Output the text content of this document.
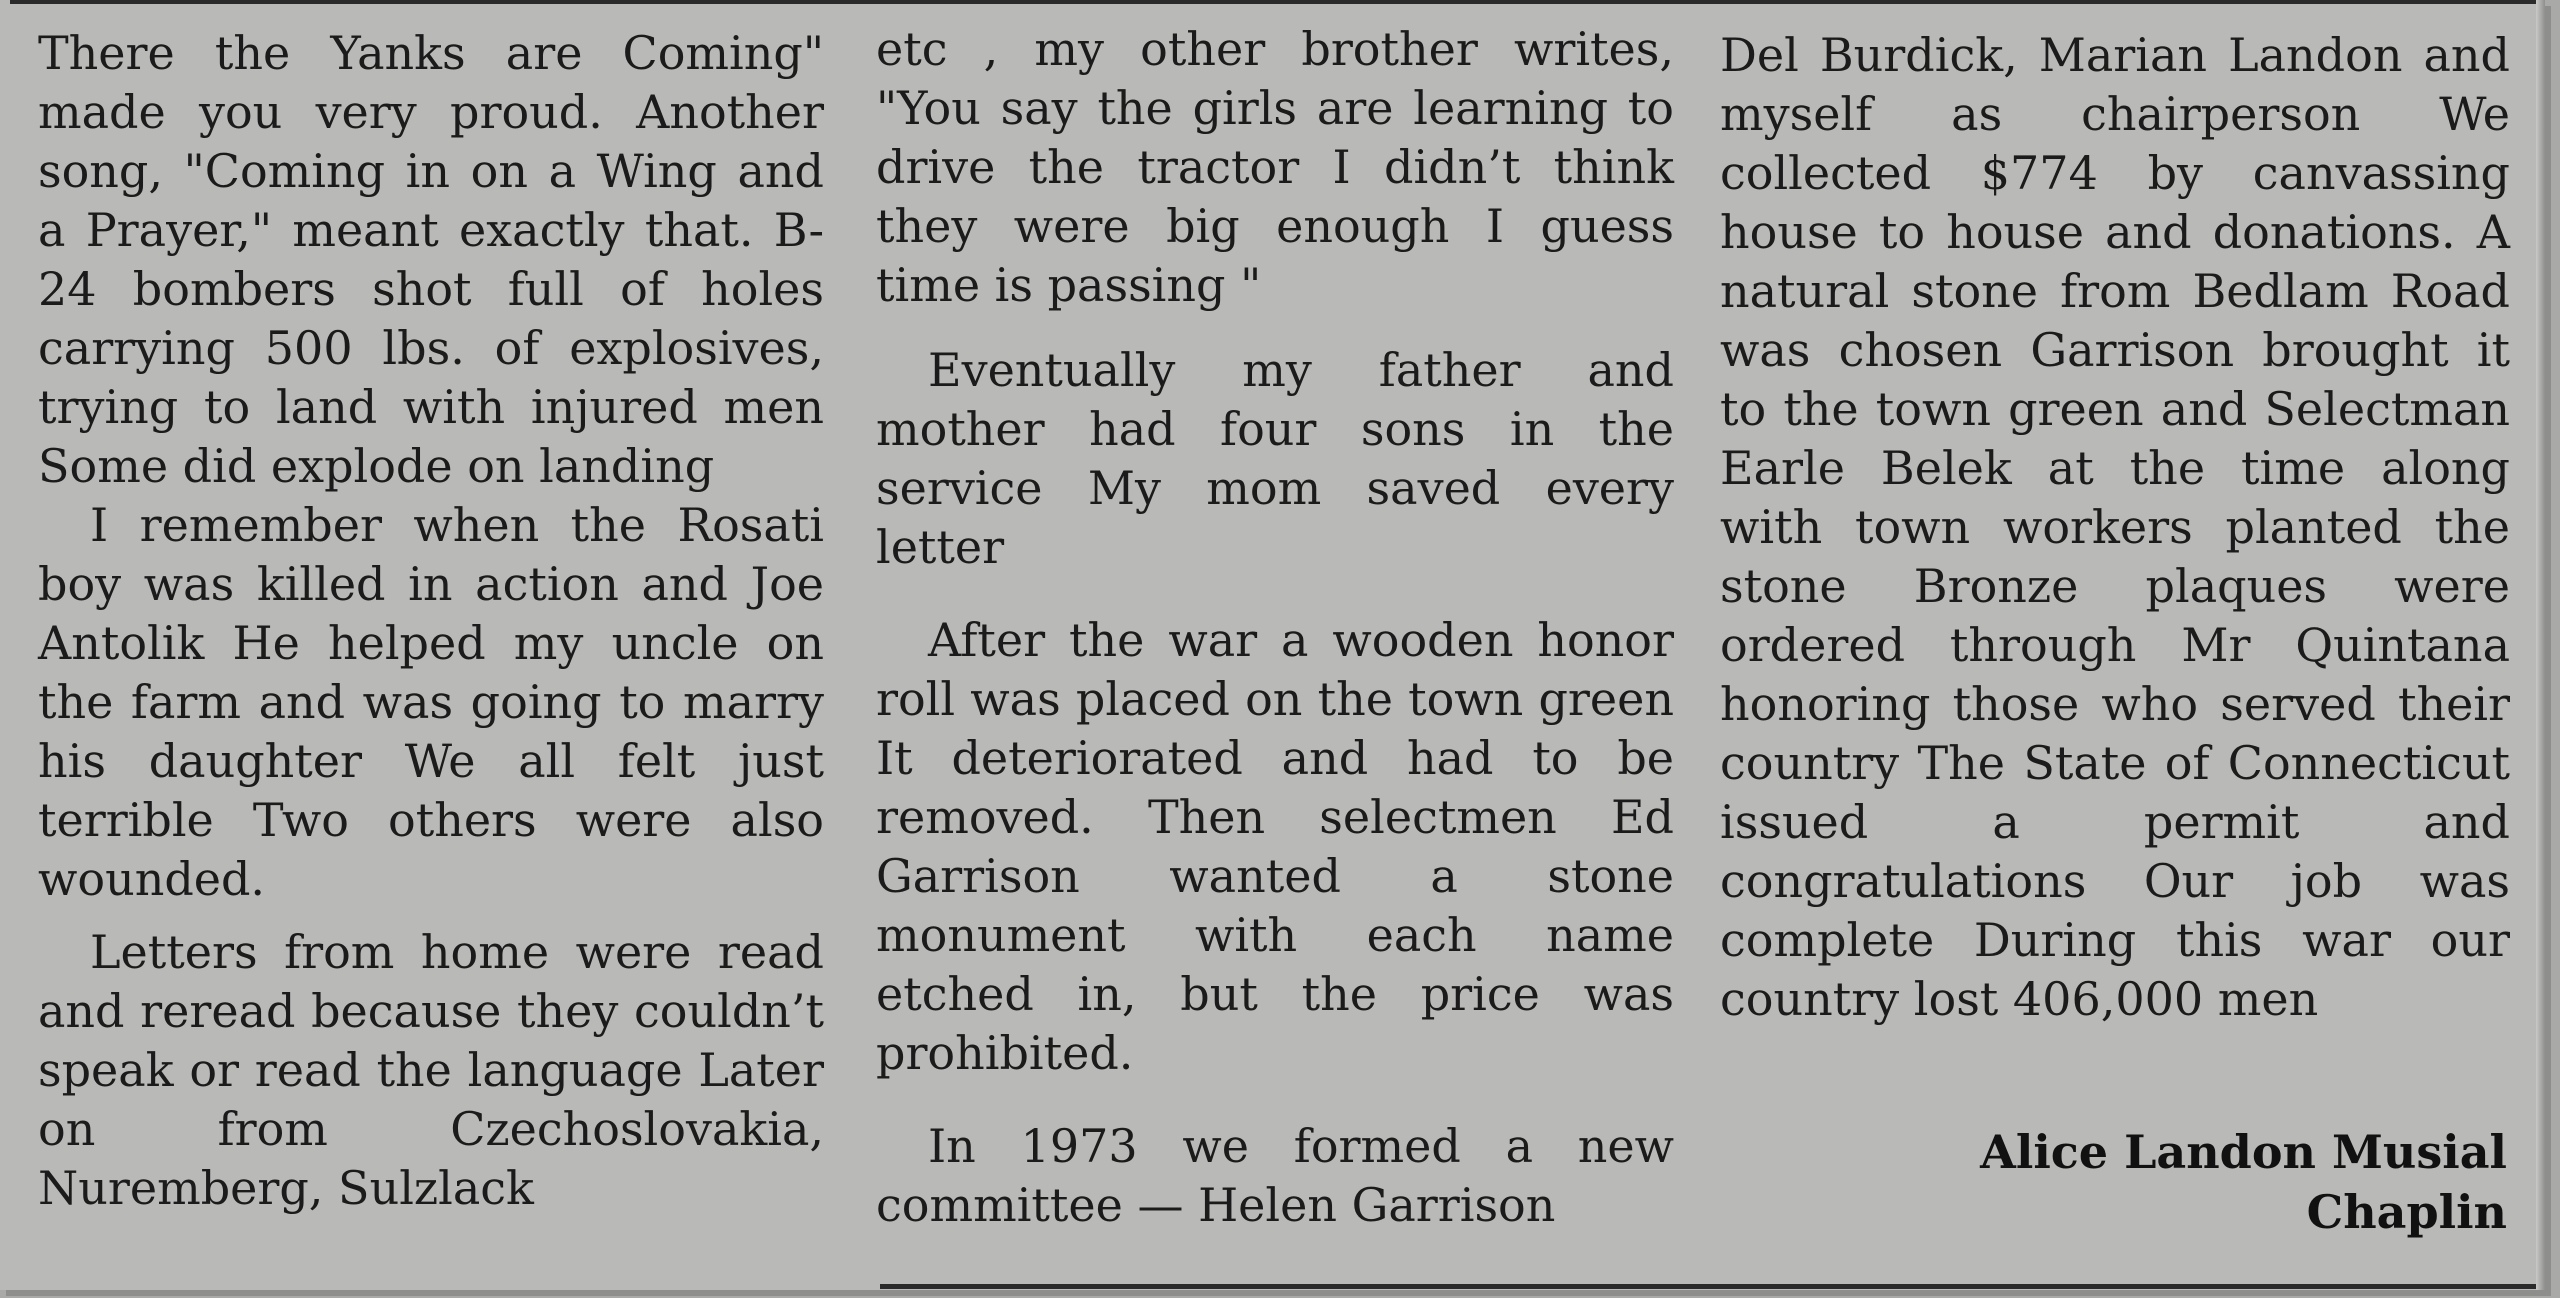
There the Yanks are Coming" made you very proud. Another song, "Coming in on a Wing and a Prayer," meant exactly that. B-24 bombers shot full of holes carrying 500 lbs. of explosives, trying to land with injured men Some did explode on landing

I remember when the Rosati boy was killed in action and Joe Antolik He helped my uncle on the farm and was going to marry his daughter We all felt just terrible Two others were also wounded.

Letters from home were read and reread because they couldn’t speak or read the language Later on from Czechoslovakia, Nuremberg, Sulzlack

etc , my other brother writes, "You say the girls are learning to drive the tractor I didn’t think they were big enough I guess time is passing "

Eventually my father and mother had four sons in the service My mom saved every letter

After the war a wooden honor roll was placed on the town green It deteriorated and had to be removed. Then selectmen Ed Garrison wanted a stone monument with each name etched in, but the price was prohibited.

In 1973 we formed a new committee — Helen Garrison

Del Burdick, Marian Landon and myself as chairperson We collected $774 by canvassing house to house and donations. A natural stone from Bedlam Road was chosen Garrison brought it to the town green and Selectman Earle Belek at the time along with town workers planted the stone Bronze plaques were ordered through Mr Quintana honoring those who served their country The State of Connecticut issued a permit and congratulations Our job was complete During this war our country lost 406,000 men

Alice Landon Musial
Chaplin
